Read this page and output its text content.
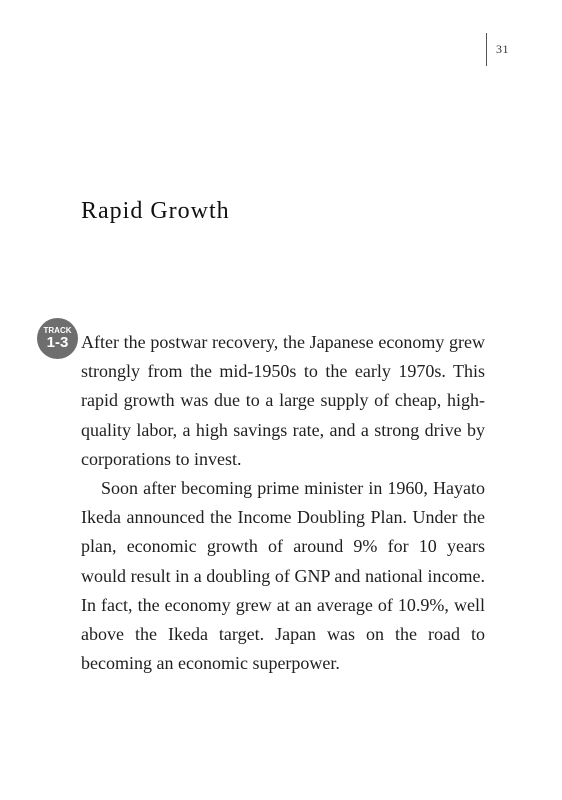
31
Rapid Growth
TRACK
1-3 After the postwar recovery, the Japanese economy grew strongly from the mid-1950s to the early 1970s. This rapid growth was due to a large supply of cheap, high-quality labor, a high savings rate, and a strong drive by corporations to invest.

Soon after becoming prime minister in 1960, Hayato Ikeda announced the Income Doubling Plan. Under the plan, economic growth of around 9% for 10 years would result in a doubling of GNP and national income. In fact, the economy grew at an average of 10.9%, well above the Ikeda target. Japan was on the road to becoming an economic superpower.
